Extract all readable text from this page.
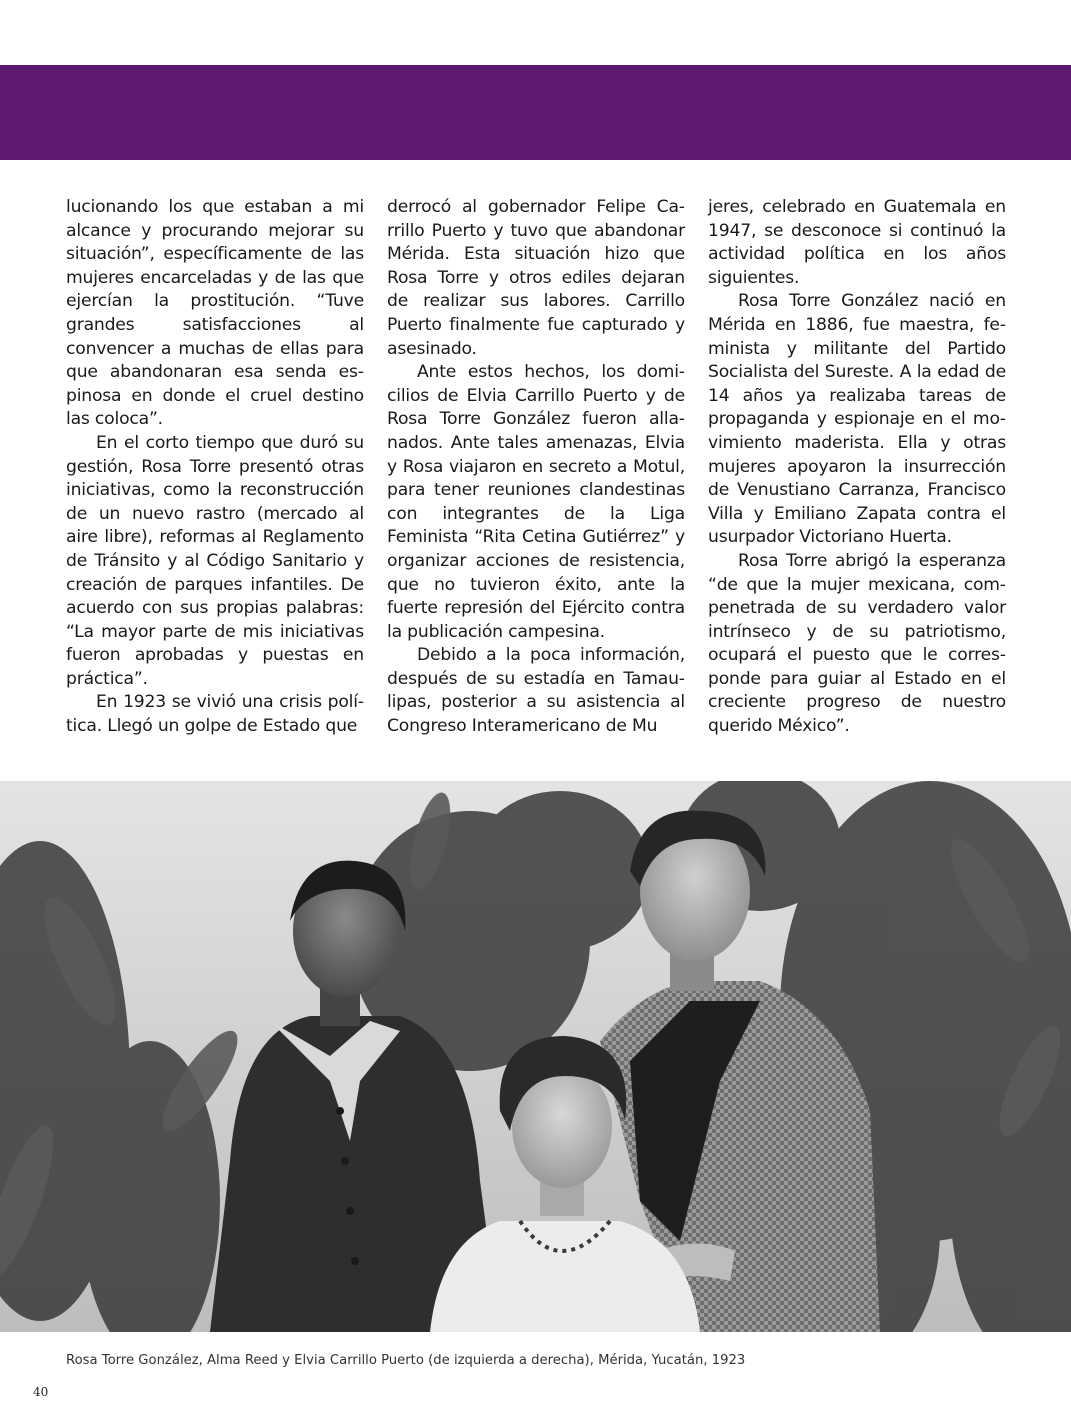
lucionando los que estaban a mi alcance y procurando mejorar su situación”, específicamente de las mujeres encarceladas y de las que ejercían la prostitución. “Tuve grandes satisfacciones al convencer a muchas de ellas para que abandonaran esa senda espinosa en donde el cruel destino las coloca”.

En el corto tiempo que duró su gestión, Rosa Torre presentó otras iniciativas, como la reconstrucción de un nuevo rastro (mercado al aire libre), reformas al Reglamento de Tránsito y al Código Sanitario y creación de parques infantiles. De acuerdo con sus propias palabras: “La mayor parte de mis iniciativas fueron aprobadas y puestas en práctica”.

En 1923 se vivió una crisis política. Llegó un golpe de Estado que

derrocó al gobernador Felipe Carrillo Puerto y tuvo que abandonar Mérida. Esta situación hizo que Rosa Torre y otros ediles dejaran de realizar sus labores. Carrillo Puerto finalmente fue capturado y asesinado.

Ante estos hechos, los domicilios de Elvia Carrillo Puerto y de Rosa Torre González fueron allanados. Ante tales amenazas, Elvia y Rosa viajaron en secreto a Motul, para tener reuniones clandestinas con integrantes de la Liga Feminista “Rita Cetina Gutiérrez” y organizar acciones de resistencia, que no tuvieron éxito, ante la fuerte represión del Ejército contra la publicación campesina.

Debido a la poca información, después de su estadía en Tamaulipas, posterior a su asistencia al Congreso Interamericano de Mu

jeres, celebrado en Guatemala en 1947, se desconoce si continuó la actividad política en los años siguientes.

Rosa Torre González nació en Mérida en 1886, fue maestra, feminista y militante del Partido Socialista del Sureste. A la edad de 14 años ya realizaba tareas de propaganda y espionaje en el movimiento maderista. Ella y otras mujeres apoyaron la insurrección de Venustiano Carranza, Francisco Villa y Emiliano Zapata contra el usurpador Victoriano Huerta.

Rosa Torre abrigó la esperanza “de que la mujer mexicana, compenetrada de su verdadero valor intrínseco y de su patriotismo, ocupará el puesto que le corresponde para guiar al Estado en el creciente progreso de nuestro querido México”.

Rosa Torre González, Alma Reed y Elvia Carrillo Puerto (de izquierda a derecha), Mérida, Yucatán, 1923
40
